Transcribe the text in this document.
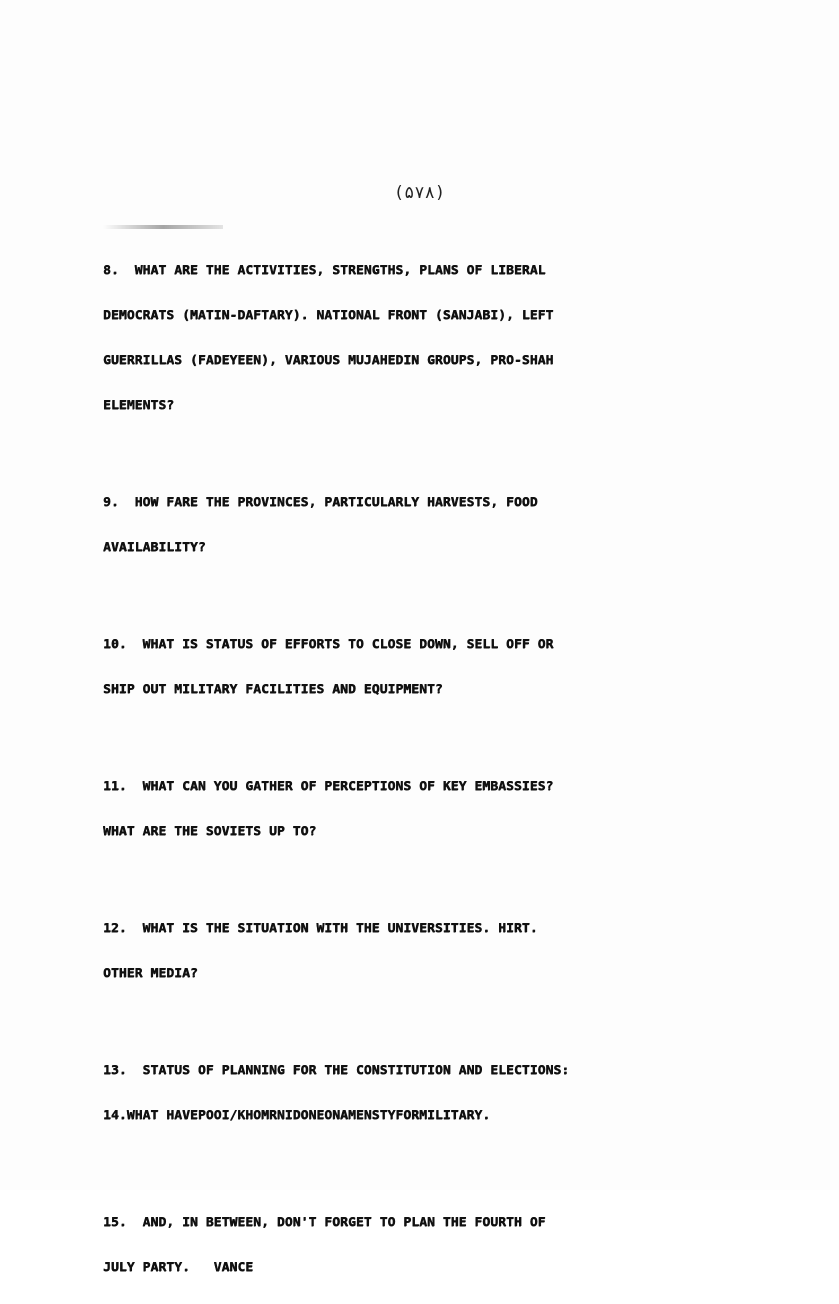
(۵۷۸)

8.  WHAT ARE THE ACTIVITIES, STRENGTHS, PLANS OF LIBERAL

DEMOCRATS (MATIN-DAFTARY). NATIONAL FRONT (SANJABI), LEFT

GUERRILLAS (FADEYEEN), VARIOUS MUJAHEDIN GROUPS, PRO-SHAH

ELEMENTS?

9.  HOW FARE THE PROVINCES, PARTICULARLY HARVESTS, FOOD

AVAILABILITY?

10.  WHAT IS STATUS OF EFFORTS TO CLOSE DOWN, SELL OFF OR

SHIP OUT MILITARY FACILITIES AND EQUIPMENT?

11.  WHAT CAN YOU GATHER OF PERCEPTIONS OF KEY EMBASSIES?

WHAT ARE THE SOVIETS UP TO?

12.  WHAT IS THE SITUATION WITH THE UNIVERSITIES. HIRT.

OTHER MEDIA?

13.  STATUS OF PLANNING FOR THE CONSTITUTION AND ELECTIONS:

14.WHAT HAVEPOOI/KHOMRNIDONEONAMENSTYFORMILITARY.

15.  AND, IN BETWEEN, DON'T FORGET TO PLAN THE FOURTH OF

JULY PARTY.   VANCE
